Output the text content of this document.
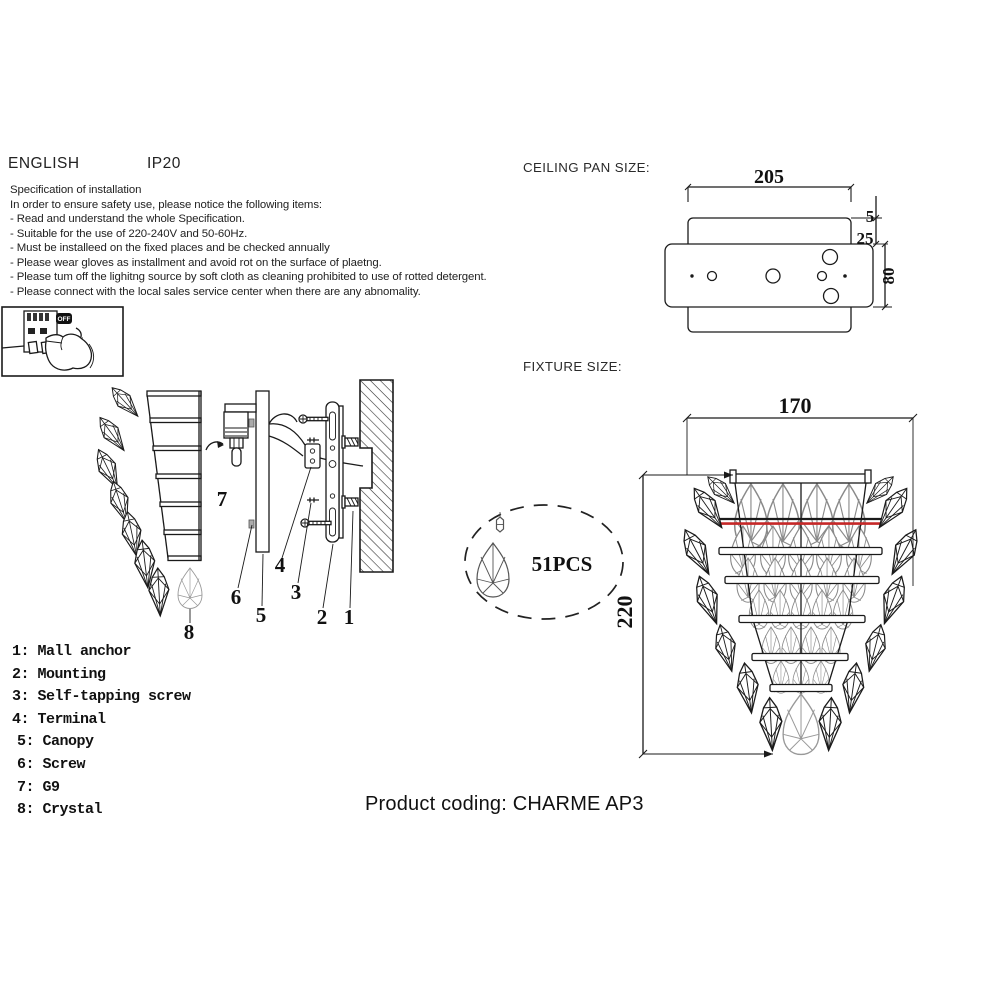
ENGLISH	IP20
Specification of installation
In order to ensure safety use, please notice the following items:
- Read and understand the whole Specification.
- Suitable for the use of 220-240V and 50-60Hz.
- Must be installeed on the fixed places and be checked annually
- Please wear gloves as installment and avoid rot on the surface of plaetng.
- Please tum off the lighitng source by soft cloth as cleaning prohibited to use of rotted detergent.
- Please connect with the local sales service center when there are any abnomality.
OFF
1
2
3
4
5
6
7
8
1: Mall anchor
2: Mounting
3: Self-tapping screw
4: Terminal
5: Canopy
6: Screw
7: G9
8: Crystal
CEILING PAN SIZE:	205
5
25
80
FIXTURE SIZE:
170
220
51PCS
Product coding: CHARME AP3
